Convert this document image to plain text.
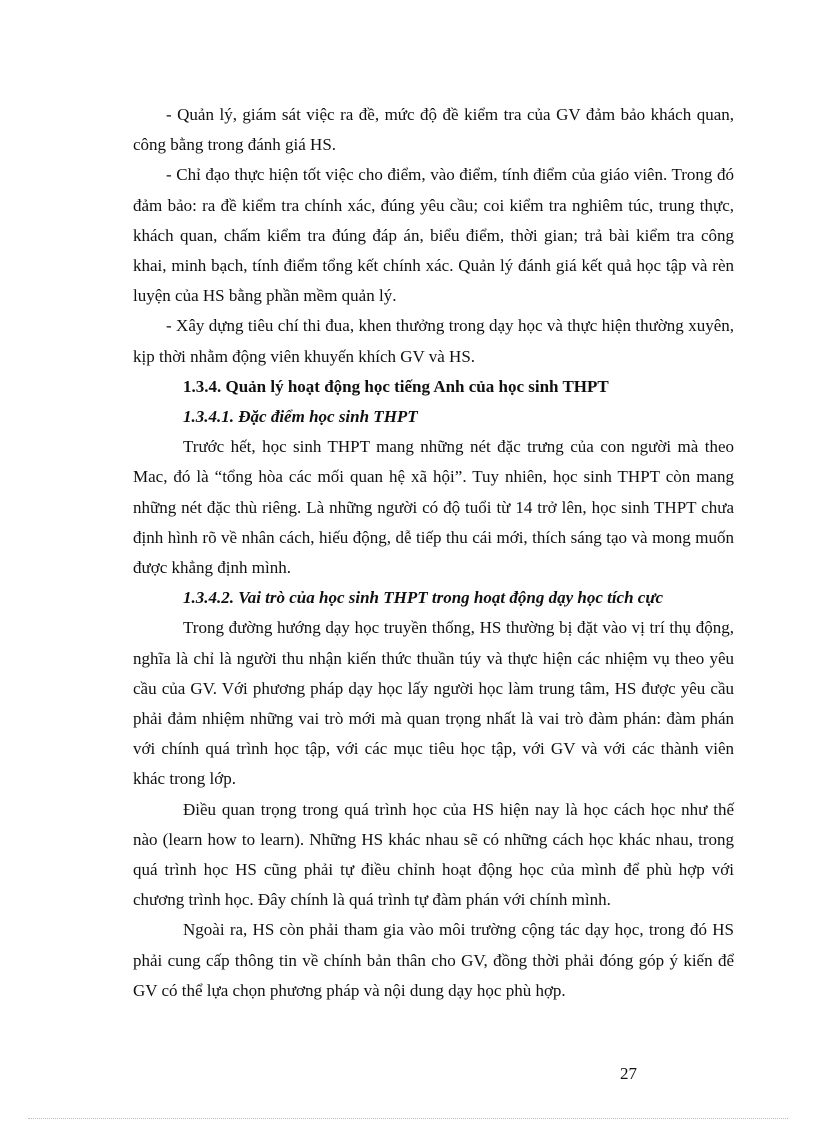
- Quản lý, giám sát việc ra đề, mức độ đề kiểm tra của GV đảm bảo khách quan, công bằng trong đánh giá HS.

- Chỉ đạo thực hiện tốt việc cho điểm, vào điểm, tính điểm của giáo viên. Trong đó đảm bảo: ra đề kiểm tra chính xác, đúng yêu cầu; coi kiểm tra nghiêm túc, trung thực, khách quan, chấm kiểm tra đúng đáp án, biểu điểm, thời gian; trả bài kiểm tra công khai, minh bạch, tính điểm tổng kết chính xác. Quản lý đánh giá kết quả học tập và rèn luyện của HS bằng phần mềm quản lý.

- Xây dựng tiêu chí thi đua, khen thưởng trong dạy học và thực hiện thường xuyên, kịp thời nhằm động viên khuyến khích GV và HS.

1.3.4. Quản lý hoạt động học tiếng Anh của học sinh THPT

1.3.4.1. Đặc điểm học sinh THPT

Trước hết, học sinh THPT mang những nét đặc trưng của con người mà theo Mac, đó là “tổng hòa các mối quan hệ xã hội”. Tuy nhiên, học sinh THPT còn mang những nét đặc thù riêng. Là những người có độ tuổi từ 14 trở lên, học sinh THPT chưa định hình rõ về nhân cách, hiếu động, dễ tiếp thu cái mới, thích sáng tạo và mong muốn được khẳng định mình.

1.3.4.2. Vai trò của học sinh THPT trong hoạt động dạy học tích cực

Trong đường hướng dạy học truyền thống, HS thường bị đặt vào vị trí thụ động, nghĩa là chỉ là người thu nhận kiến thức thuần túy và thực hiện các nhiệm vụ theo yêu cầu của GV. Với phương pháp dạy học lấy người học làm trung tâm, HS được yêu cầu phải đảm nhiệm những vai trò mới mà quan trọng nhất là vai trò đàm phán: đàm phán với chính quá trình học tập, với các mục tiêu học tập, với GV và với các thành viên khác trong lớp.

Điều quan trọng trong quá trình học của HS hiện nay là học cách học như thế nào (learn how to learn). Những HS khác nhau sẽ có những cách học khác nhau, trong quá trình học HS cũng phải tự điều chỉnh hoạt động học của mình để phù hợp với chương trình học. Đây chính là quá trình tự đàm phán với chính mình.

Ngoài ra, HS còn phải tham gia vào môi trường cộng tác dạy học, trong đó HS phải cung cấp thông tin về chính bản thân cho GV, đồng thời phải đóng góp ý kiến để GV có thể lựa chọn phương pháp và nội dung dạy học phù hợp.

27
